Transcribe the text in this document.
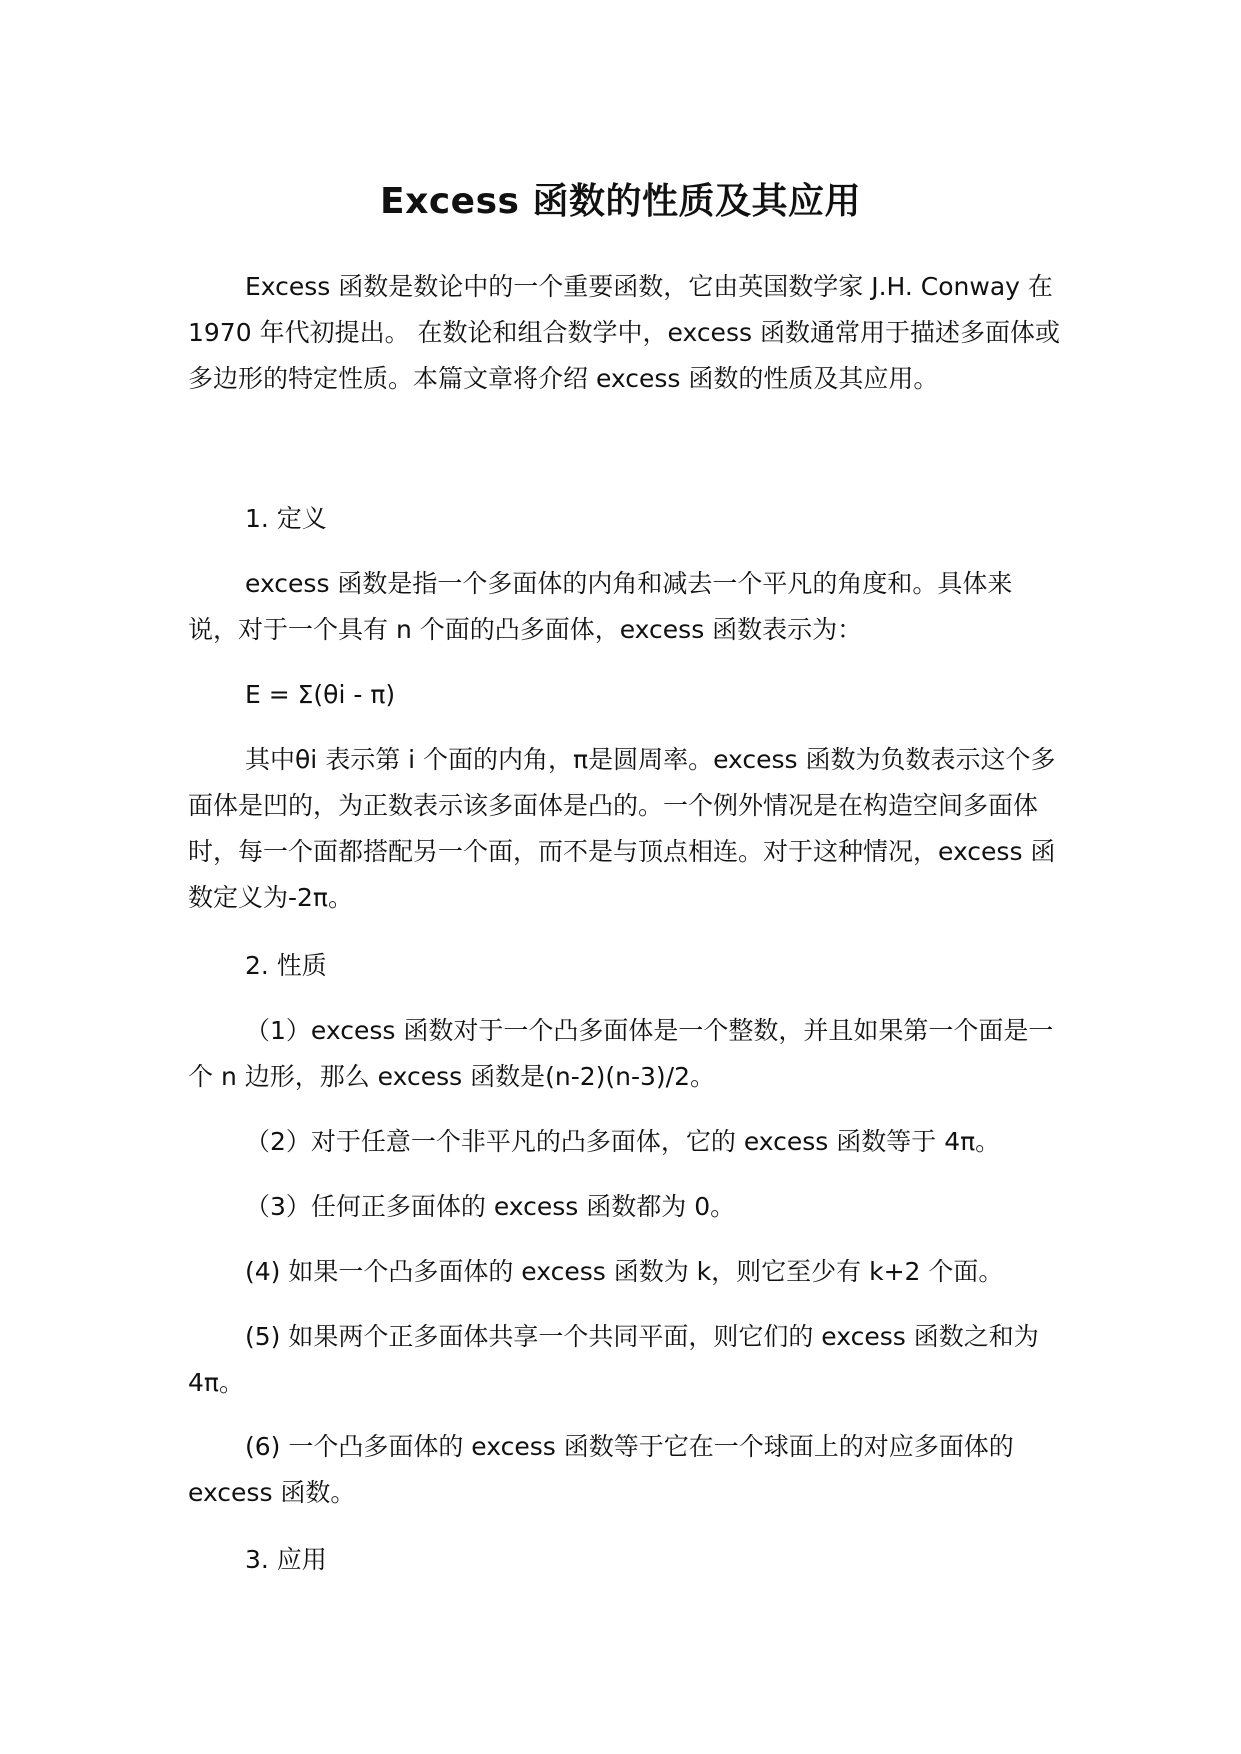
Excess 函数的性质及其应用

Excess 函数是数论中的一个重要函数，它由英国数学家 J.H. Conway 在 1970 年代初提出。 在数论和组合数学中，excess 函数通常用于描述多面体或多边形的特定性质。本篇文章将介绍 excess 函数的性质及其应用。

1. 定义

excess 函数是指一个多面体的内角和减去一个平凡的角度和。具体来说，对于一个具有 n 个面的凸多面体，excess 函数表示为：

E = Σ(θi - π)

其中θi 表示第 i 个面的内角，π是圆周率。excess 函数为负数表示这个多面体是凹的，为正数表示该多面体是凸的。一个例外情况是在构造空间多面体时，每一个面都搭配另一个面，而不是与顶点相连。对于这种情况，excess 函数定义为-2π。

2. 性质

（1）excess 函数对于一个凸多面体是一个整数，并且如果第一个面是一个 n 边形，那么 excess 函数是(n-2)(n-3)/2。

（2）对于任意一个非平凡的凸多面体，它的 excess 函数等于 4π。

（3）任何正多面体的 excess 函数都为 0。

(4) 如果一个凸多面体的 excess 函数为 k，则它至少有 k+2 个面。

(5) 如果两个正多面体共享一个共同平面，则它们的 excess 函数之和为 4π。

(6) 一个凸多面体的 excess 函数等于它在一个球面上的对应多面体的 excess 函数。

3. 应用
